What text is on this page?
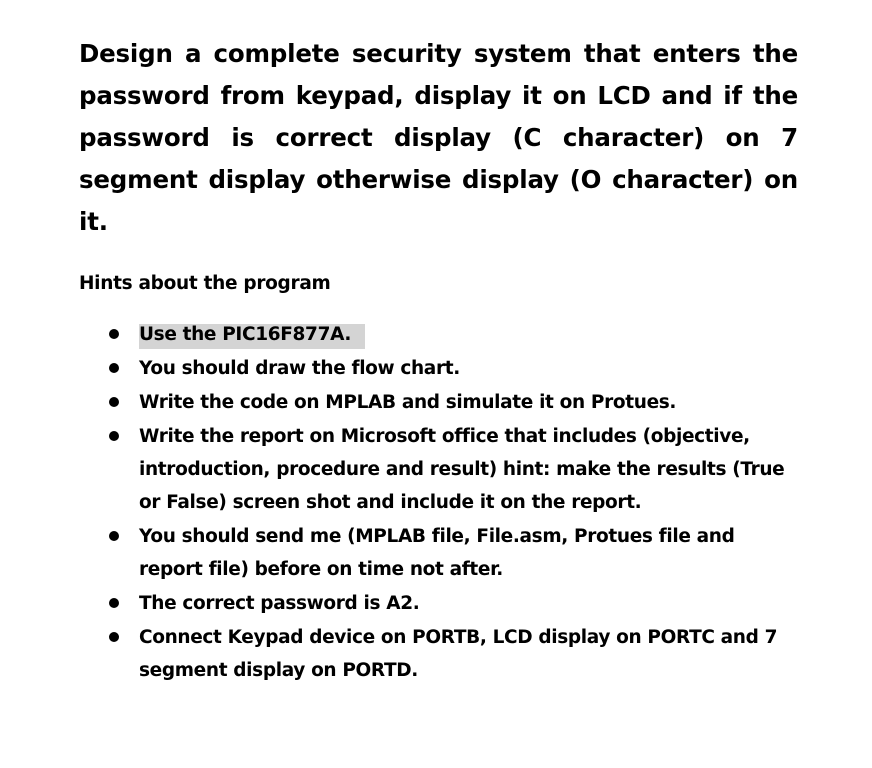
Design a complete security system that enters the password from keypad, display it on LCD and if the password is correct display (C character) on 7 segment display otherwise display (O character) on it.

Hints about the program

Use the PIC16F877A.
You should draw the flow chart.
Write the code on MPLAB and simulate it on Protues.
Write the report on Microsoft office that includes (objective, introduction, procedure and result) hint: make the results (True or False) screen shot and include it on the report.
You should send me (MPLAB file, File.asm, Protues file and report file) before on time not after.
The correct password is A2.
Connect Keypad device on PORTB, LCD display on PORTC and 7 segment display on PORTD.
